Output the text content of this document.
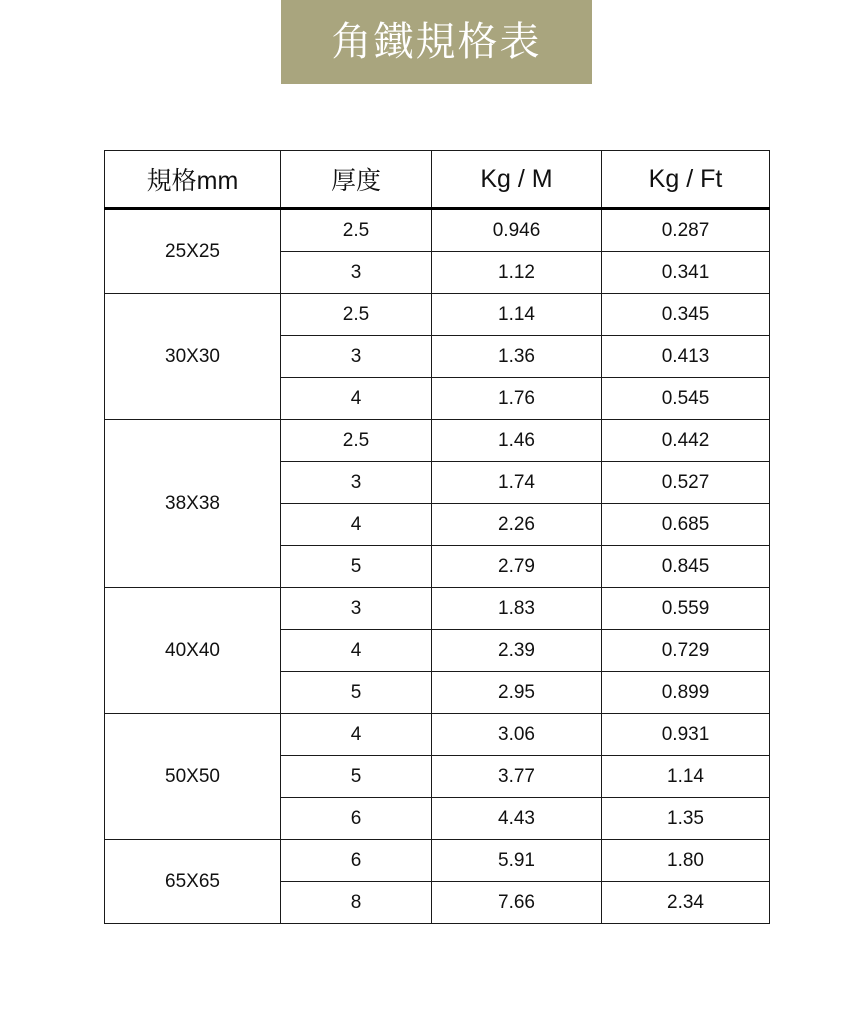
角鐵規格表
規格mm	厚度	Kg / M	Kg / Ft
25X25	2.5	0.946	0.287
	3	1.12	0.341
30X30	2.5	1.14	0.345
	3	1.36	0.413
	4	1.76	0.545
38X38	2.5	1.46	0.442
	3	1.74	0.527
	4	2.26	0.685
	5	2.79	0.845
40X40	3	1.83	0.559
	4	2.39	0.729
	5	2.95	0.899
50X50	4	3.06	0.931
	5	3.77	1.14
	6	4.43	1.35
65X65	6	5.91	1.80
	8	7.66	2.34
